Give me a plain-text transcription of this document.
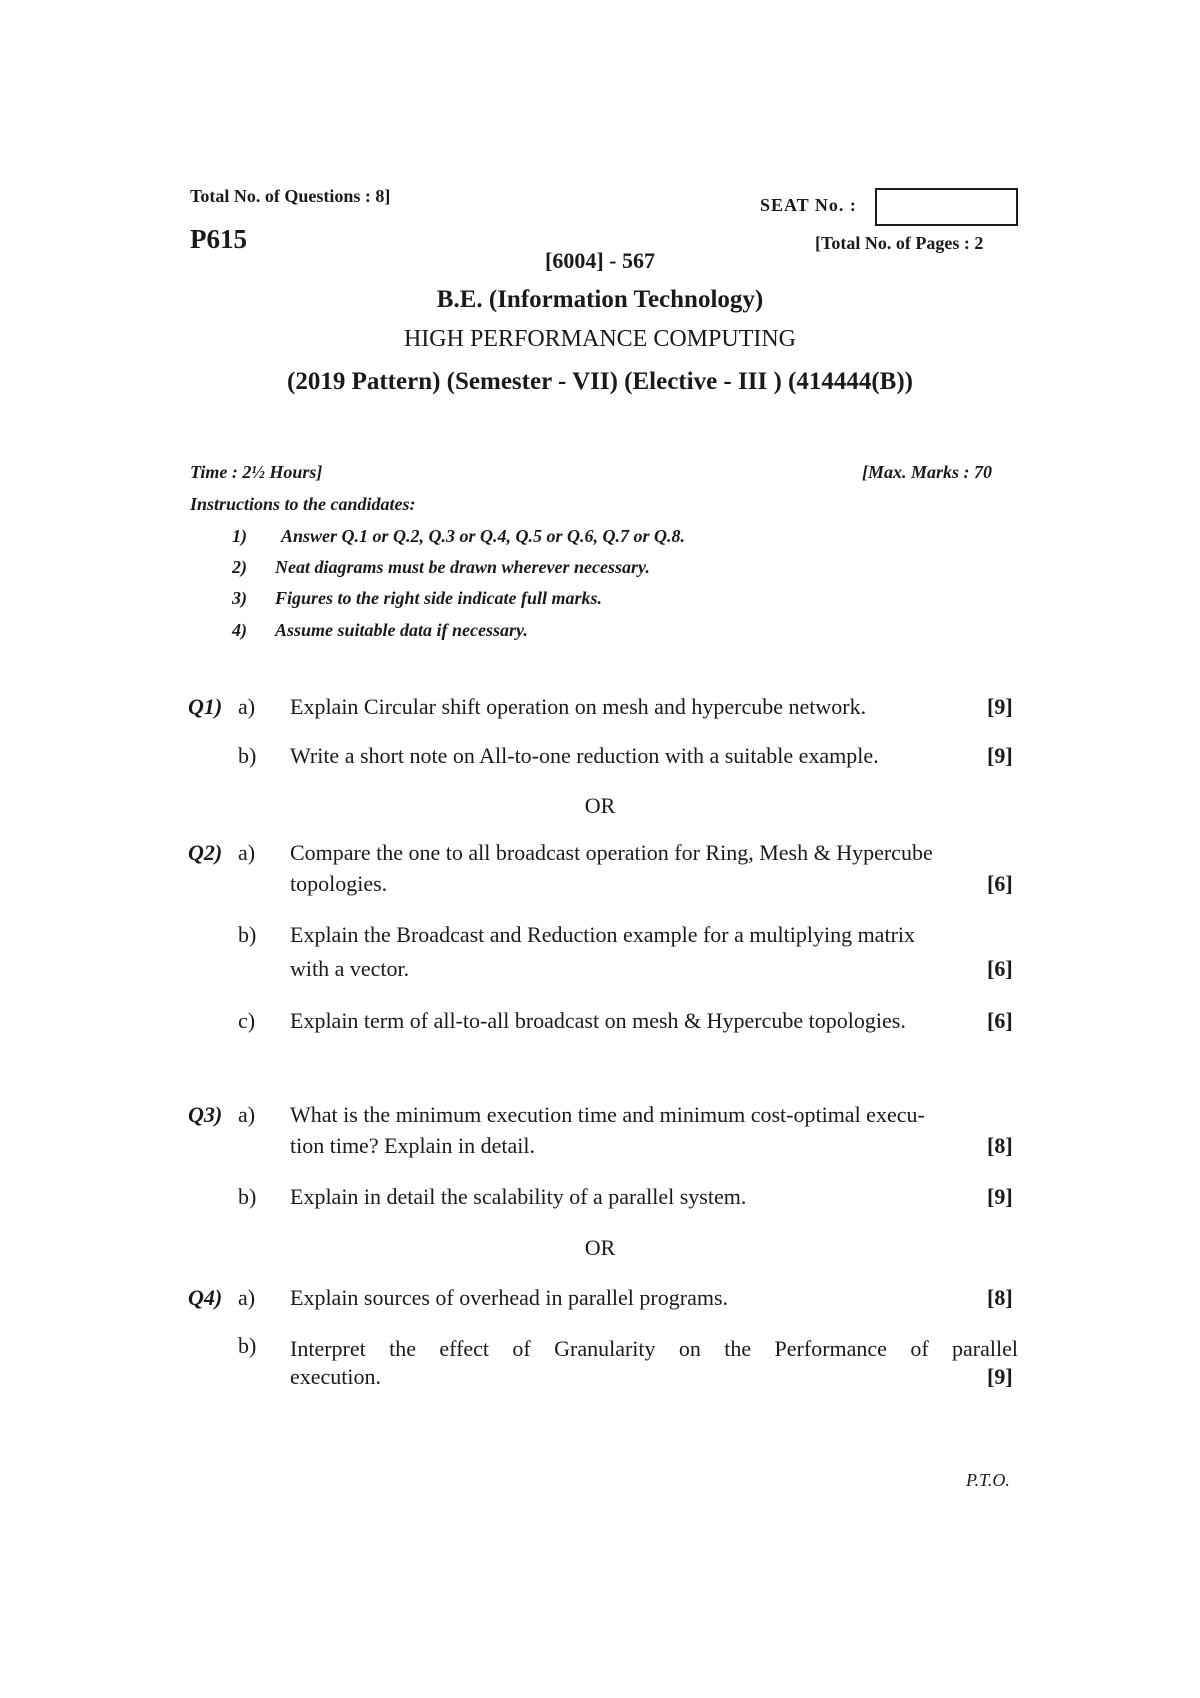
Total No. of Questions : 8]
P615
SEAT No. :
[Total No. of Pages : 2
[6004] - 567
B.E. (Information Technology)
HIGH PERFORMANCE COMPUTING
(2019 Pattern) (Semester - VII) (Elective - III ) (414444(B))
Time : 2½ Hours]	[Max. Marks : 70
Instructions to the candidates:
1) Answer Q.1 or Q.2, Q.3 or Q.4, Q.5 or Q.6, Q.7 or Q.8.
2) Neat diagrams must be drawn wherever necessary.
3) Figures to the right side indicate full marks.
4) Assume suitable data if necessary.
Q1) a) Explain Circular shift operation on mesh and hypercube network.	[9]
b) Write a short note on All-to-one reduction with a suitable example.	[9]
OR
Q2) a) Compare the one to all broadcast operation for Ring, Mesh & Hypercube
topologies.	[6]
b) Explain the Broadcast and Reduction example for a multiplying matrix
with a vector.	[6]
c) Explain term of all-to-all broadcast on mesh & Hypercube topologies.	[6]
Q3) a) What is the minimum execution time and minimum cost-optimal execu-
tion time? Explain in detail.	[8]
b) Explain in detail the scalability of a parallel system.	[9]
OR
Q4) a) Explain sources of overhead in parallel programs.	[8]
b) Interpret the effect of Granularity on the Performance of parallel
execution.	[9]
P.T.O.
